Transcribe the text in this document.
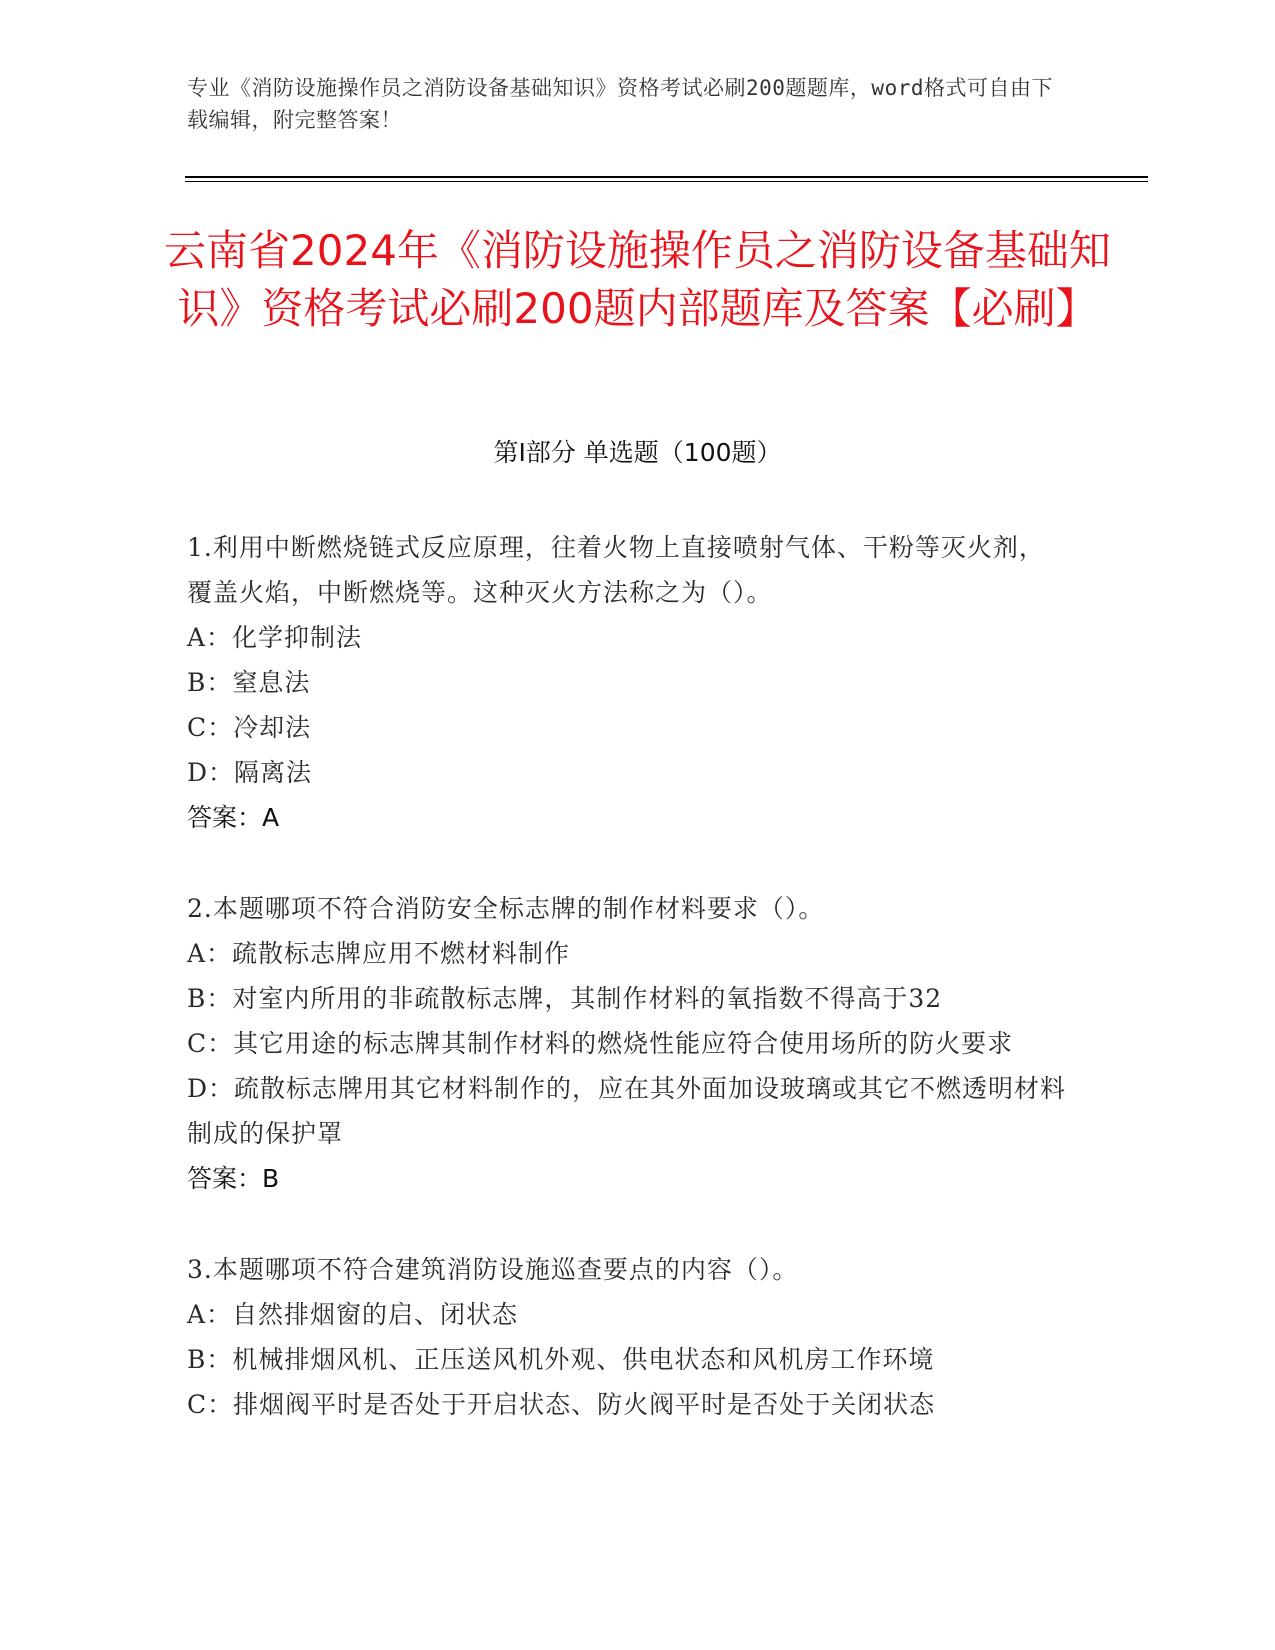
专业《消防设施操作员之消防设备基础知识》资格考试必刷200题题库，word格式可自由下载编辑，附完整答案！
云南省2024年《消防设施操作员之消防设备基础知识》资格考试必刷200题内部题库及答案【必刷】
第Ⅰ部分 单选题（100题）
1.利用中断燃烧链式反应原理，往着火物上直接喷射气体、干粉等灭火剂，覆盖火焰，中断燃烧等。这种灭火方法称之为（）。
A：化学抑制法
B：窒息法
C：冷却法
D：隔离法
答案：A
2.本题哪项不符合消防安全标志牌的制作材料要求（）。
A：疏散标志牌应用不燃材料制作
B：对室内所用的非疏散标志牌，其制作材料的氧指数不得高于32
C：其它用途的标志牌其制作材料的燃烧性能应符合使用场所的防火要求
D：疏散标志牌用其它材料制作的，应在其外面加设玻璃或其它不燃透明材料制成的保护罩
答案：B
3.本题哪项不符合建筑消防设施巡查要点的内容（）。
A：自然排烟窗的启、闭状态
B：机械排烟风机、正压送风机外观、供电状态和风机房工作环境
C：排烟阀平时是否处于开启状态、防火阀平时是否处于关闭状态
